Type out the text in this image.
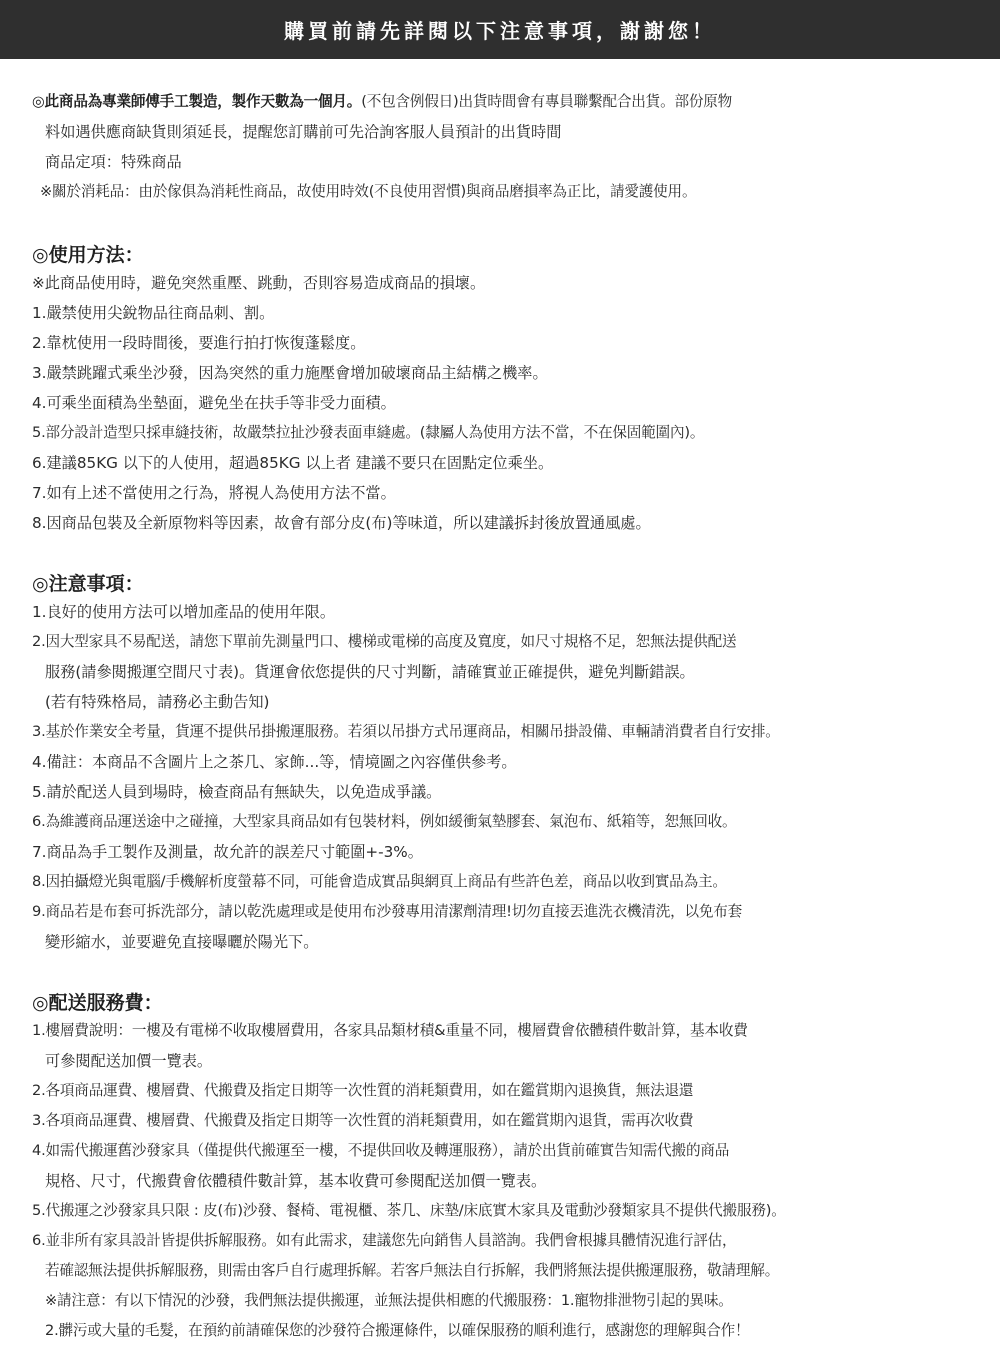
購買前請先詳閱以下注意事項，謝謝您！
◎此商品為專業師傅手工製造，製作天數為一個月。(不包含例假日)出貨時間會有專員聯繫配合出貨。部份原物
料如遇供應商缺貨則須延長，提醒您訂購前可先洽詢客服人員預計的出貨時間
商品定項：特殊商品
※關於消耗品：由於傢俱為消耗性商品，故使用時效(不良使用習慣)與商品磨損率為正比，請愛護使用。
◎使用方法：
※此商品使用時，避免突然重壓、跳動，否則容易造成商品的損壞。
1.嚴禁使用尖銳物品往商品刺、割。
2.靠枕使用一段時間後，要進行拍打恢復蓬鬆度。
3.嚴禁跳躍式乘坐沙發，因為突然的重力施壓會增加破壞商品主結構之機率。
4.可乘坐面積為坐墊面，避免坐在扶手等非受力面積。
5.部分設計造型只採車縫技術，故嚴禁拉扯沙發表面車縫處。(隸屬人為使用方法不當，不在保固範圍內)。
6.建議85KG 以下的人使用，超過85KG 以上者 建議不要只在固點定位乘坐。
7.如有上述不當使用之行為，將視人為使用方法不當。
8.因商品包裝及全新原物料等因素，故會有部分皮(布)等味道，所以建議拆封後放置通風處。
◎注意事項：
1.良好的使用方法可以增加產品的使用年限。
2.因大型家具不易配送，請您下單前先測量門口、樓梯或電梯的高度及寬度，如尺寸規格不足，恕無法提供配送
服務(請參閱搬運空間尺寸表)。貨運會依您提供的尺寸判斷，請確實並正確提供，避免判斷錯誤。
(若有特殊格局，請務必主動告知)
3.基於作業安全考量，貨運不提供吊掛搬運服務。若須以吊掛方式吊運商品，相關吊掛設備、車輛請消費者自行安排。
4.備註：本商品不含圖片上之茶几、家飾...等，情境圖之內容僅供參考。
5.請於配送人員到場時，檢查商品有無缺失，以免造成爭議。
6.為維護商品運送途中之碰撞，大型家具商品如有包裝材料，例如緩衝氣墊膠套、氣泡布、紙箱等，恕無回收。
7.商品為手工製作及測量，故允許的誤差尺寸範圍+-3%。
8.因拍攝燈光與電腦/手機解析度螢幕不同，可能會造成實品與網頁上商品有些許色差，商品以收到實品為主。
9.商品若是布套可拆洗部分，請以乾洗處理或是使用布沙發專用清潔劑清理!切勿直接丟進洗衣機清洗，以免布套
變形縮水，並要避免直接曝曬於陽光下。
◎配送服務費：
1.樓層費說明：一樓及有電梯不收取樓層費用，各家具品類材積&重量不同，樓層費會依體積件數計算，基本收費
可參閱配送加價一覽表。
2.各項商品運費、樓層費、代搬費及指定日期等一次性質的消耗類費用，如在鑑賞期內退換貨，無法退還
3.各項商品運費、樓層費、代搬費及指定日期等一次性質的消耗類費用，如在鑑賞期內退貨，需再次收費
4.如需代搬運舊沙發家具（僅提供代搬運至一樓，不提供回收及轉運服務），請於出貨前確實告知需代搬的商品
規格、尺寸，代搬費會依體積件數計算，基本收費可參閱配送加價一覽表。
5.代搬運之沙發家具只限 : 皮(布)沙發、餐椅、電視櫃、茶几、床墊/床底實木家具及電動沙發類家具不提供代搬服務)。
6.並非所有家具設計皆提供拆解服務。如有此需求，建議您先向銷售人員諮詢。我們會根據具體情況進行評估，
若確認無法提供拆解服務，則需由客戶自行處理拆解。若客戶無法自行拆解，我們將無法提供搬運服務，敬請理解。
※請注意：有以下情況的沙發，我們無法提供搬運，並無法提供相應的代搬服務：1.寵物排泄物引起的異味。
2.髒污或大量的毛髮，在預約前請確保您的沙發符合搬運條件，以確保服務的順利進行，感謝您的理解與合作！
